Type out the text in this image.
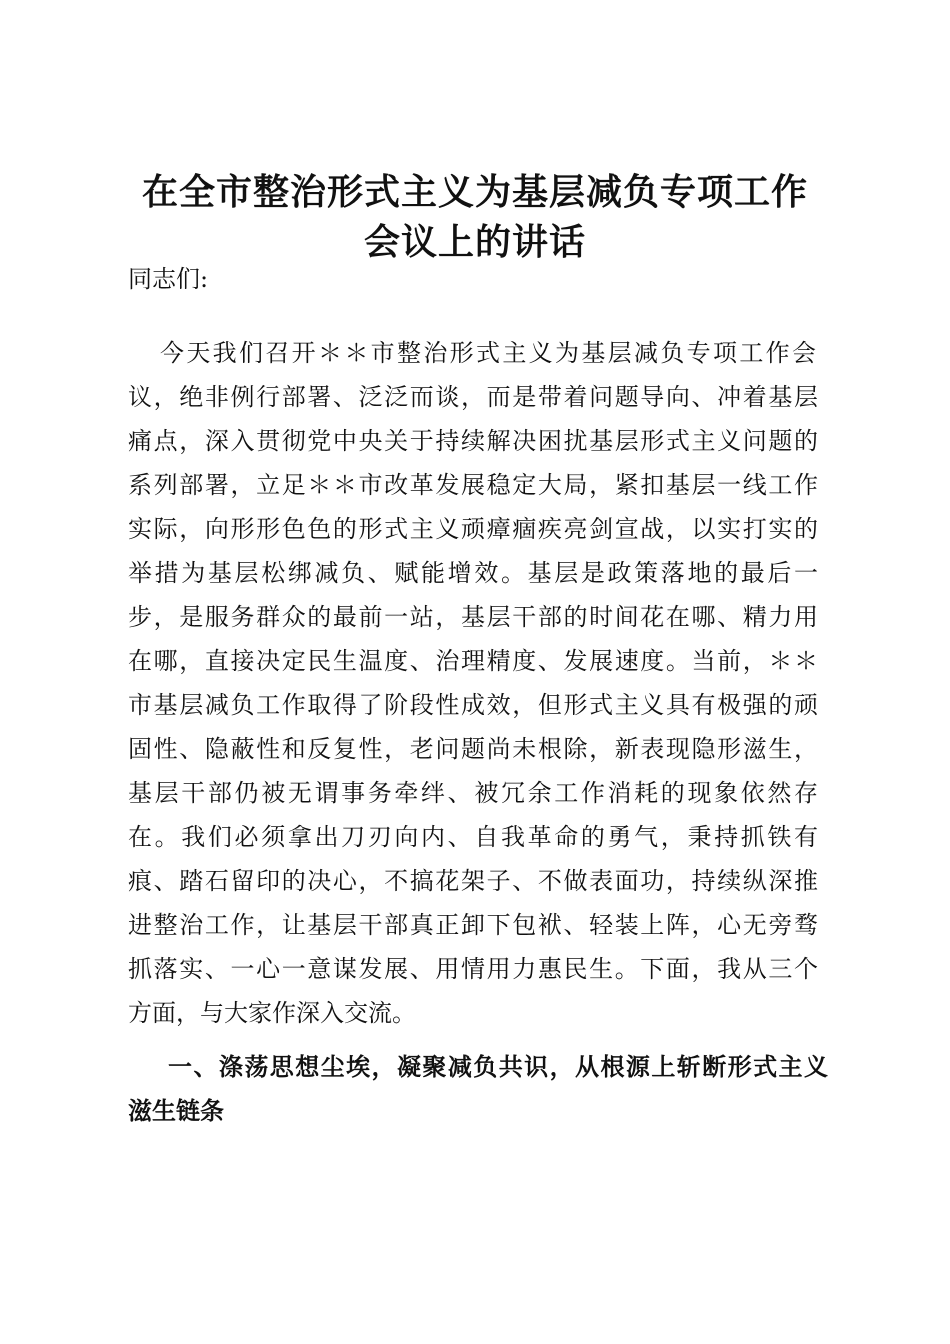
在全市整治形式主义为基层减负专项工作
会议上的讲话
同志们:
今天我们召开＊＊市整治形式主义为基层减负专项工作会
议，绝非例行部署、泛泛而谈，而是带着问题导向、冲着基层
痛点，深入贯彻党中央关于持续解决困扰基层形式主义问题的
系列部署，立足＊＊市改革发展稳定大局，紧扣基层一线工作
实际，向形形色色的形式主义顽瘴痼疾亮剑宣战，以实打实的
举措为基层松绑减负、赋能增效。基层是政策落地的最后一
步，是服务群众的最前一站，基层干部的时间花在哪、精力用
在哪，直接决定民生温度、治理精度、发展速度。当前，＊＊
市基层减负工作取得了阶段性成效，但形式主义具有极强的顽
固性、隐蔽性和反复性，老问题尚未根除，新表现隐形滋生，
基层干部仍被无谓事务牵绊、被冗余工作消耗的现象依然存
在。我们必须拿出刀刃向内、自我革命的勇气，秉持抓铁有
痕、踏石留印的决心，不搞花架子、不做表面功，持续纵深推
进整治工作，让基层干部真正卸下包袱、轻装上阵，心无旁骛
抓落实、一心一意谋发展、用情用力惠民生。下面，我从三个
方面，与大家作深入交流。
一、涤荡思想尘埃，凝聚减负共识，从根源上斩断形式主义
滋生链条
